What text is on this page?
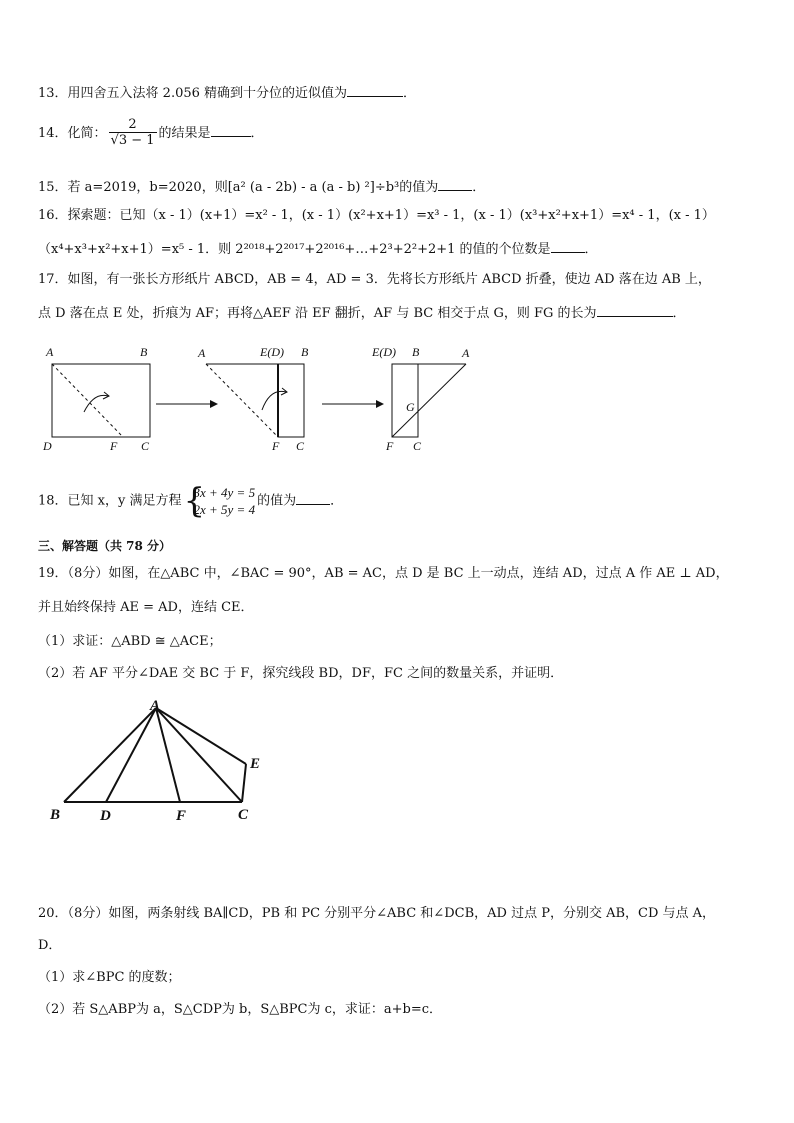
13．用四舍五入法将 2.056 精确到十分位的近似值为	．
14．化简： $\frac{2}{√3 - 1}$ 的结果是	．
15．若 a=2019，b=2020，则[a² (a - 2b) - a (a - b) ²]÷b³的值为	．
16．探索题：已知（x - 1）(x+1）=x² - 1，(x - 1）(x²+x+1）=x³ - 1，(x - 1）(x³+x²+x+1）=x⁴ - 1，(x - 1）
（x⁴+x³+x²+x+1）=x⁵ - 1．则 2²⁰¹⁸+2²⁰¹⁷+2²⁰¹⁶+…+2³+2²+2+1 的值的个位数是	．
17．如图，有一张长方形纸片 ABCD，AB = 4，AD = 3．先将长方形纸片 ABCD 折叠，使边 AD 落在边 AB 上，
点 D 落在点 E 处，折痕为 AF；再将△AEF 沿 EF 翻折，AF 与 BC 相交于点 G，则 FG 的长为	．
A	B
D	F C
A	E(D) B
F C
E(D) B	A
G
F C
18．已知 x，y 满足方程 {
3x + 4y = 5
2x + 5y = 4
的值为	．
三、解答题（共 78 分）
19．（8分）如图，在△ABC 中，∠BAC = 90°，AB = AC，点 D 是 BC 上一动点，连结 AD，过点 A 作 AE ⊥ AD，
并且始终保持 AE = AD，连结 CE．
（1）求证：△ABD ≅ △ACE；
（2）若 AF 平分∠DAE 交 BC 于 F，探究线段 BD，DF，FC 之间的数量关系，并证明．
A
B	D	F	C
E
20．（8分）如图，两条射线 BA∥CD，PB 和 PC 分别平分∠ABC 和∠DCB，AD 过点 P，分别交 AB，CD 与点 A，
D．
（1）求∠BPC 的度数；
（2）若 S△ABP为 a，S△CDP为 b，S△BPC为 c，求证：a+b=c．
